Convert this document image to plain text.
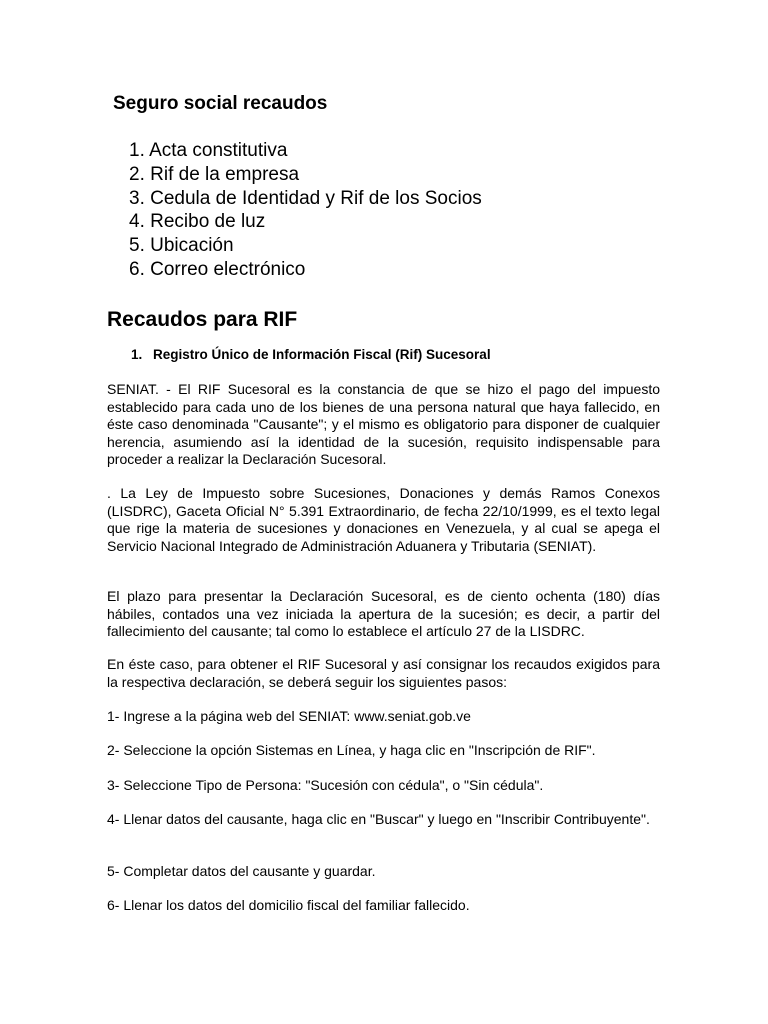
Seguro social recaudos
1. Acta constitutiva
2. Rif de la empresa
3. Cedula de Identidad y Rif de los Socios
4. Recibo de luz
5. Ubicación
6. Correo electrónico
Recaudos para RIF

1. Registro Único de Información Fiscal (Rif) Sucesoral

SENIAT. - El RIF Sucesoral es la constancia de que se hizo el pago del impuesto establecido para cada uno de los bienes de una persona natural que haya fallecido, en éste caso denominada "Causante"; y el mismo es obligatorio para disponer de cualquier herencia, asumiendo así la identidad de la sucesión, requisito indispensable para proceder a realizar la Declaración Sucesoral.

. La Ley de Impuesto sobre Sucesiones, Donaciones y demás Ramos Conexos (LISDRC), Gaceta Oficial N° 5.391 Extraordinario, de fecha 22/10/1999, es el texto legal que rige la materia de sucesiones y donaciones en Venezuela, y al cual se apega el Servicio Nacional Integrado de Administración Aduanera y Tributaria (SENIAT).

El plazo para presentar la Declaración Sucesoral, es de ciento ochenta (180) días hábiles, contados una vez iniciada la apertura de la sucesión; es decir, a partir del fallecimiento del causante; tal como lo establece el artículo 27 de la LISDRC.

En éste caso, para obtener el RIF Sucesoral y así consignar los recaudos exigidos para la respectiva declaración, se deberá seguir los siguientes pasos:

1- Ingrese a la página web del SENIAT: www.seniat.gob.ve

2- Seleccione la opción Sistemas en Línea, y haga clic en "Inscripción de RIF".

3- Seleccione Tipo de Persona: "Sucesión con cédula", o "Sin cédula".

4- Llenar datos del causante, haga clic en "Buscar" y luego en "Inscribir Contribuyente".

5- Completar datos del causante y guardar.

6- Llenar los datos del domicilio fiscal del familiar fallecido.
